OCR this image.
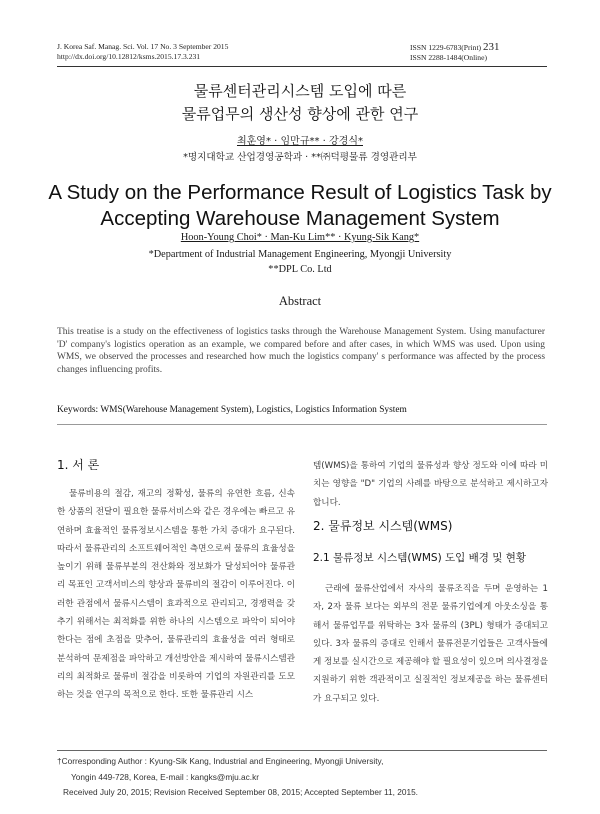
J. Korea Saf. Manag. Sci. Vol. 17 No. 3 September 2015
http://dx.doi.org/10.12812/ksms.2015.17.3.231
ISSN 1229-6783(Print) 231
ISSN 2288-1484(Online)
물류센터관리시스템 도입에 따른
물류업무의 생산성 향상에 관한 연구
최훈영* · 임만규** · 강경식*
*명지대학교 산업경영공학과 · **㈜덕평물류 경영관리부
A Study on the Performance Result of Logistics Task by
Accepting Warehouse Management System
Hoon-Young Choi* · Man-Ku Lim** · Kyung-Sik Kang*
*Department of Industrial Management Engineering, Myongji University
**DPL Co. Ltd
Abstract
This treatise is a study on the effectiveness of logistics tasks through the Warehouse Management System. Using manufacturer 'D' company's logistics operation as an example, we compared before and after cases, in which WMS was used. Upon using WMS, we observed the processes and researched how much the logistics company' s performance was affected by the process changes influencing profits.
Keywords: WMS(Warehouse Management System), Logistics, Logistics Information System
1. 서 론

물류비용의 절감, 재고의 정확성, 물류의 유연한 흐름, 신속한 상품의 전달이 필요한 물류서비스와 같은 경우에는 빠르고 유연하며 효율적인 물류정보시스템을 통한 가치 증대가 요구된다. 따라서 물류관리의 소프트웨어적인 측면으로써 물류의 효율성을 높이기 위해 물류부분의 전산화와 정보화가 달성되어야 물류관리 목표인 고객서비스의 향상과 물류비의 절감이 이루어진다. 이러한 관점에서 물류시스템이 효과적으로 관리되고, 경쟁력을 갖추기 위해서는 최적화를 위한 하나의 시스템으로 파악이 되어야 한다는 점에 초점을 맞추어, 물류관리의 효율성을 여러 형태로 분석하여 문제점을 파악하고 개선방안을 제시하여 물류시스템관리의 최적화로 물류비 절감을 비롯하여 기업의 자원관리를 도모하는 것을 연구의 목적으로 한다. 또한 물류관리 시스

템(WMS)을 통하여 기업의 물류성과 향상 정도와 이에 따라 미치는 영향을 "D" 기업의 사례를 바탕으로 분석하고 제시하고자 합니다.

2. 물류정보 시스템(WMS)
2.1 물류정보 시스템(WMS) 도입 배경 및 현황

근래에 물류산업에서 자사의 물류조직을 두며 운영하는 1자, 2자 물류 보다는 외부의 전문 물류기업에게 아웃소싱을 통해서 물류업무를 위탁하는 3자 물류의 (3PL) 형태가 증대되고 있다. 3자 물류의 증대로 인해서 물류전문기업들은 고객사들에게 정보를 실시간으로 제공해야 할 필요성이 있으며 의사결정을 지원하기 위한 객관적이고 실질적인 정보제공을 하는 물류센터가 요구되고 있다.

†Corresponding Author : Kyung-Sik Kang, Industrial and Engineering, Myongji University,
Yongin 449-728, Korea, E-mail : kangks@mju.ac.kr
Received July 20, 2015; Revision Received September 08, 2015; Accepted September 11, 2015.
